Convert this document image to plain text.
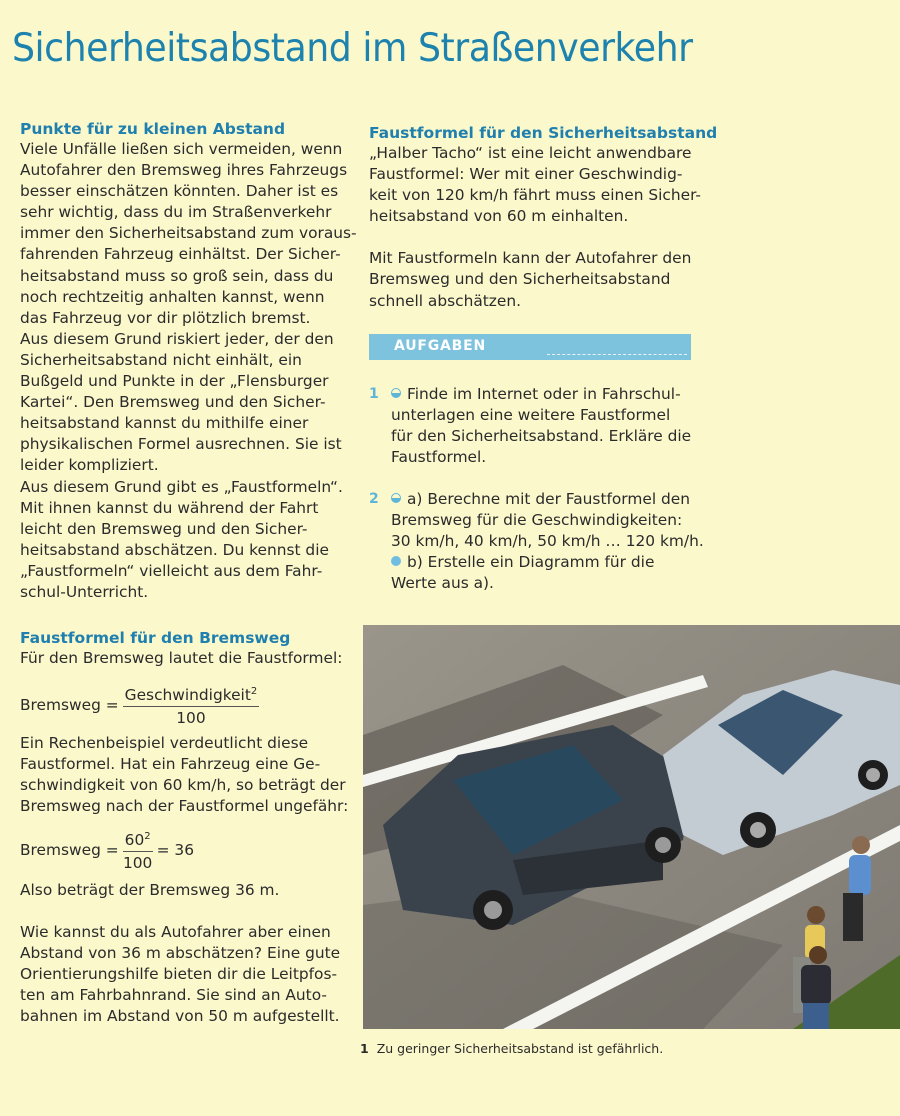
Sicherheitsabstand im Straßenverkehr
Punkte für zu kleinen Abstand

Viele Unfälle ließen sich vermeiden, wenn
Autofahrer den Bremsweg ihres Fahrzeugs
besser einschätzen könnten. Daher ist es
sehr wichtig, dass du im Straßenverkehr
immer den Sicherheitsabstand zum voraus-
fahrenden Fahrzeug einhältst. Der Sicher-
heitsabstand muss so groß sein, dass du
noch rechtzeitig anhalten kannst, wenn
das Fahrzeug vor dir plötzlich bremst.
Aus diesem Grund riskiert jeder, der den
Sicherheitsabstand nicht einhält, ein
Bußgeld und Punkte in der „Flensburger
Kartei“. Den Bremsweg und den Sicher-
heitsabstand kannst du mithilfe einer
physikalischen Formel ausrechnen. Sie ist
leider kompliziert.
Aus diesem Grund gibt es „Faustformeln“.
Mit ihnen kannst du während der Fahrt
leicht den Bremsweg und den Sicher-
heitsabstand abschätzen. Du kennst die
„Faustformeln“ vielleicht aus dem Fahr-
schul-Unterricht.

Faustformel für den Bremsweg

Für den Bremsweg lautet die Faustformel:

Bremsweg = $\frac{Geschwindigkeit^2}{100}$

Ein Rechenbeispiel verdeutlicht diese
Faustformel. Hat ein Fahrzeug eine Ge-
schwindigkeit von 60 km/h, so beträgt der
Bremsweg nach der Faustformel ungefähr:

Bremsweg = $\frac{60^2}{100} = 36$

Also beträgt der Bremsweg 36 m.

Wie kannst du als Autofahrer aber einen
Abstand von 36 m abschätzen? Eine gute
Orientierungshilfe bieten dir die Leitpfos-
ten am Fahrbahnrand. Sie sind an Auto-
bahnen im Abstand von 50 m aufgestellt.

Faustformel für den Sicherheitsabstand

„Halber Tacho“ ist eine leicht anwendbare
Faustformel: Wer mit einer Geschwindig-
keit von 120 km/h fährt muss einen Sicher-
heitsabstand von 60 m einhalten.

Mit Faustformeln kann der Autofahrer den
Bremsweg und den Sicherheitsabstand
schnell abschätzen.

AUFGABEN
1	Finde im Internet oder in Fahrschul-
unterlagen eine weitere Faustformel
für den Sicherheitsabstand. Erkläre die
Faustformel.

2	a) Berechne mit der Faustformel den
Bremsweg für die Geschwindigkeiten:
30 km/h, 40 km/h, 50 km/h … 120 km/h.
b) Erstelle ein Diagramm für die
Werte aus a).

1 Zu geringer Sicherheitsabstand ist gefährlich.
